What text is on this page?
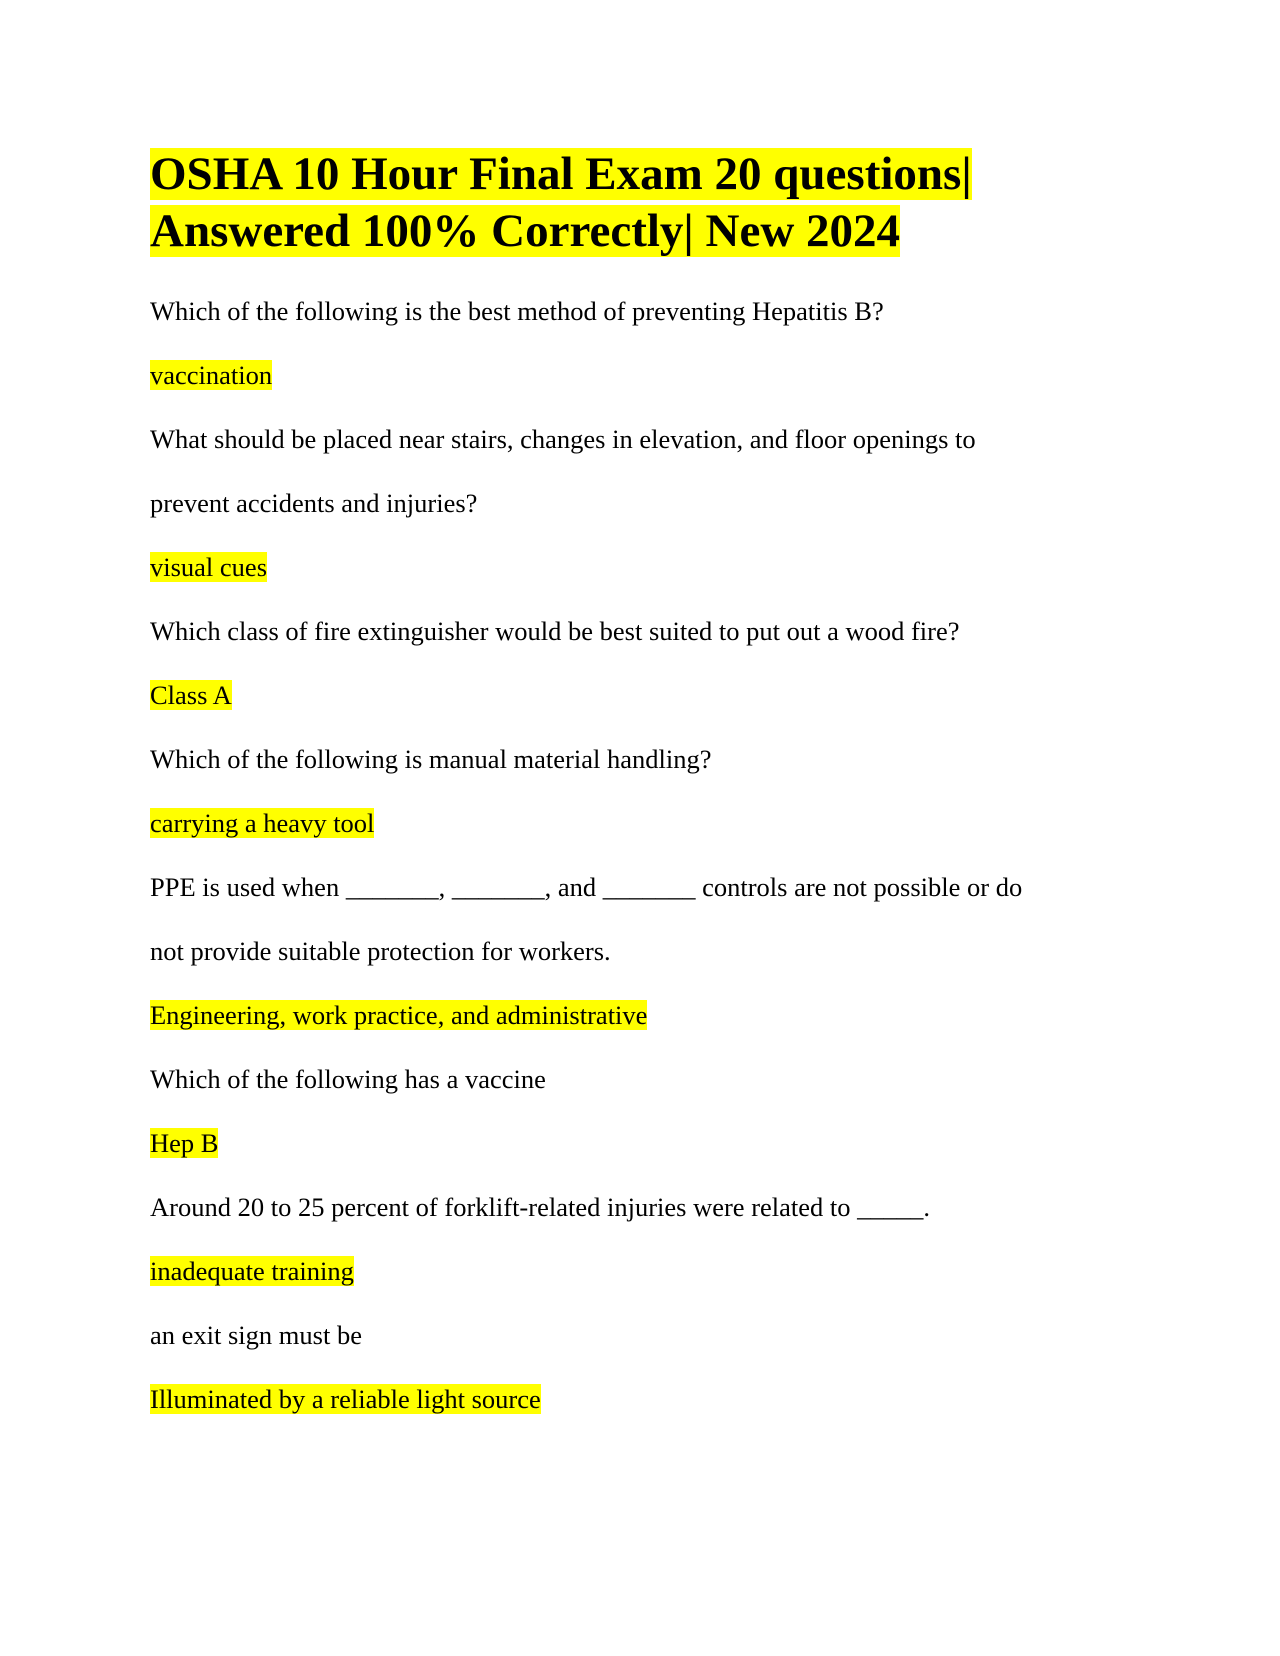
OSHA 10 Hour Final Exam 20 questions|
Answered 100% Correctly| New 2024

Which of the following is the best method of preventing Hepatitis B?

vaccination

What should be placed near stairs, changes in elevation, and floor openings to

prevent accidents and injuries?

visual cues

Which class of fire extinguisher would be best suited to put out a wood fire?

Class A

Which of the following is manual material handling?

carrying a heavy tool

PPE is used when _______, _______, and _______ controls are not possible or do

not provide suitable protection for workers.

Engineering, work practice, and administrative

Which of the following has a vaccine

Hep B

Around 20 to 25 percent of forklift-related injuries were related to _____.

inadequate training

an exit sign must be

Illuminated by a reliable light source
